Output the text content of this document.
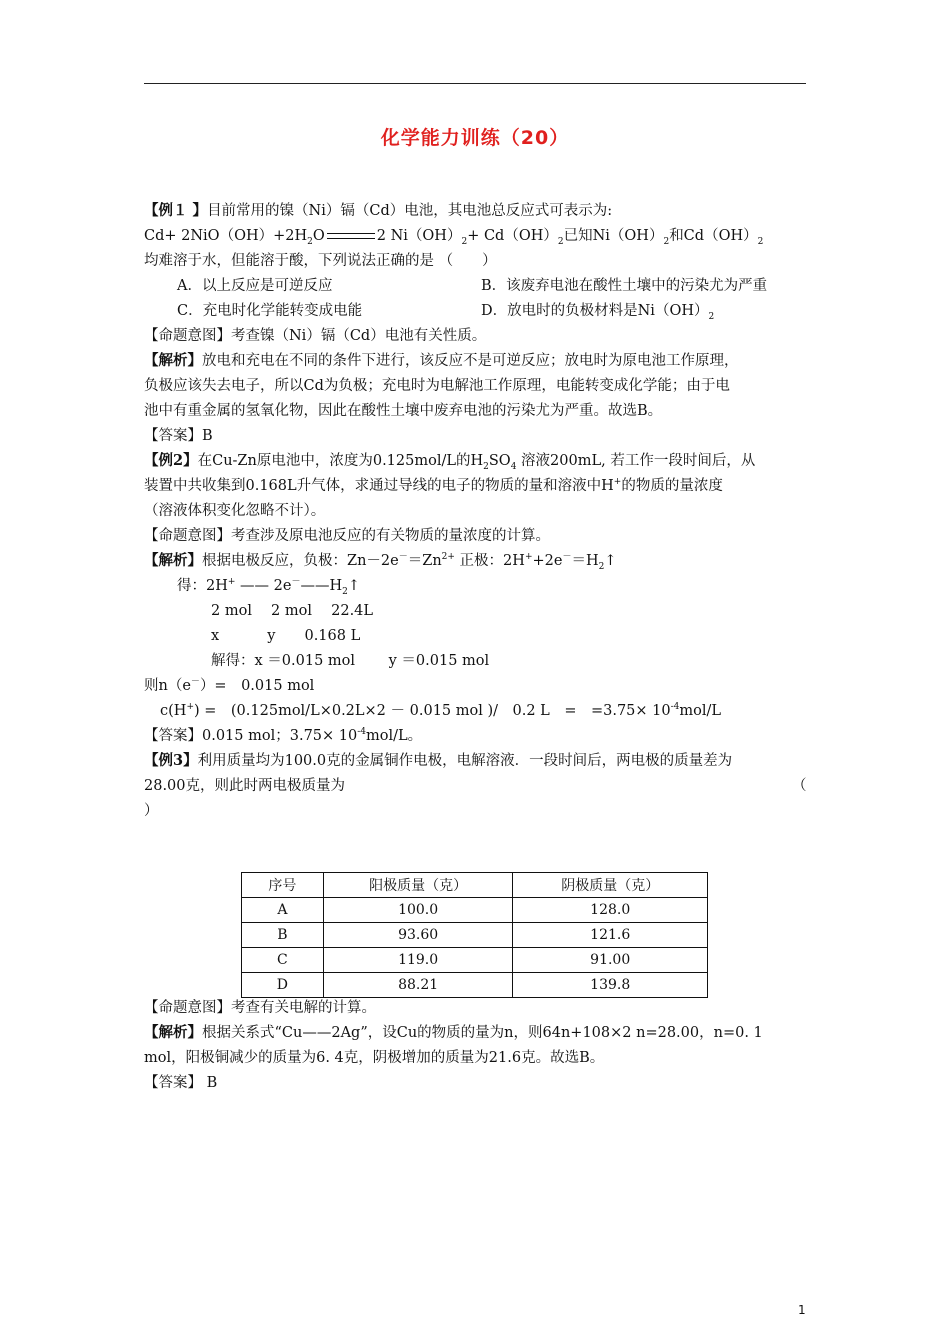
化学能力训练（20）
【例１ 】目前常用的镍（Ni）镉（Cd）电池，其电池总反应式可表示为:
$Cd+ 2NiO(OH)+2H_2O$	2 $Ni(OH)_2+ Cd(OH)_2$已知$Ni(OH)_2$和$Cd(OH)_2$
均难溶于水，但能溶于酸，下列说法正确的是 （　　）
A．以上反应是可逆反应	B．该废弃电池在酸性土壤中的污染尤为严重
C．充电时化学能转变成电能	D．放电时的负极材料是$Ni(OH)_2$
【命题意图】考查镍（Ni）镉（Cd）电池有关性质。
【解析】放电和充电在不同的条件下进行，该反应不是可逆反应；放电时为原电池工作原理，
负极应该失去电子，所以Cd为负极；充电时为电解池工作原理，电能转变成化学能；由于电
池中有重金属的氢氧化物，因此在酸性土壤中废弃电池的污染尤为严重。故选B。
【答案】B
【例2】在Cu-Zn原电池中，浓度为0.125mol/L的$H_2SO_4$ 溶液200mL, 若工作一段时间后，从
装置中共收集到0.168L升气体，求通过导线的电子的物质的量和溶液中H+的物质的量浓度
（溶液体积变化忽略不计）。
【命题意图】考查涉及原电池反应的有关物质的量浓度的计算。
【解析】根据电极反应，负极：$Zn-2e^-=Zn^{2+}$ 正极：$2H^++2e^-=H_2↑$
得：2H+ —— $2e^-——H_2↑$
2 mol　 2 mol　 22.4L
x　　　 y　　0.168 L
解得：x ＝0.015 mol　　 y ＝0.015 mol
则n（e－）=　0.015 mol
c(H+) =　(0.125mol/L×0.2L×2 － 0.015 mol )/　0.2 L　=　$=3.75\times 10^{-4}mol/L$
【答案】0.015 mol；$3.75\times 10^{-4}mol/L$。
【例3】利用质量均为100.0克的金属铜作电极，电解溶液．一段时间后，两电极的质量差为
28.00克，则此时两电极质量为	（
）
序号	阳极质量（克）	阴极质量（克）
A	100.0	128.0
B	93.60	121.6
C	119.0	91.00
D	88.21	139.8
【命题意图】考查有关电解的计算。
【解析】根据关系式“Cu——2Ag”，设Cu的物质的量为n，则64n+108×2 n=28.00，n=0. 1
mol，阳极铜减少的质量为6. 4克，阴极增加的质量为21.6克。故选B。
【答案】 B
1
